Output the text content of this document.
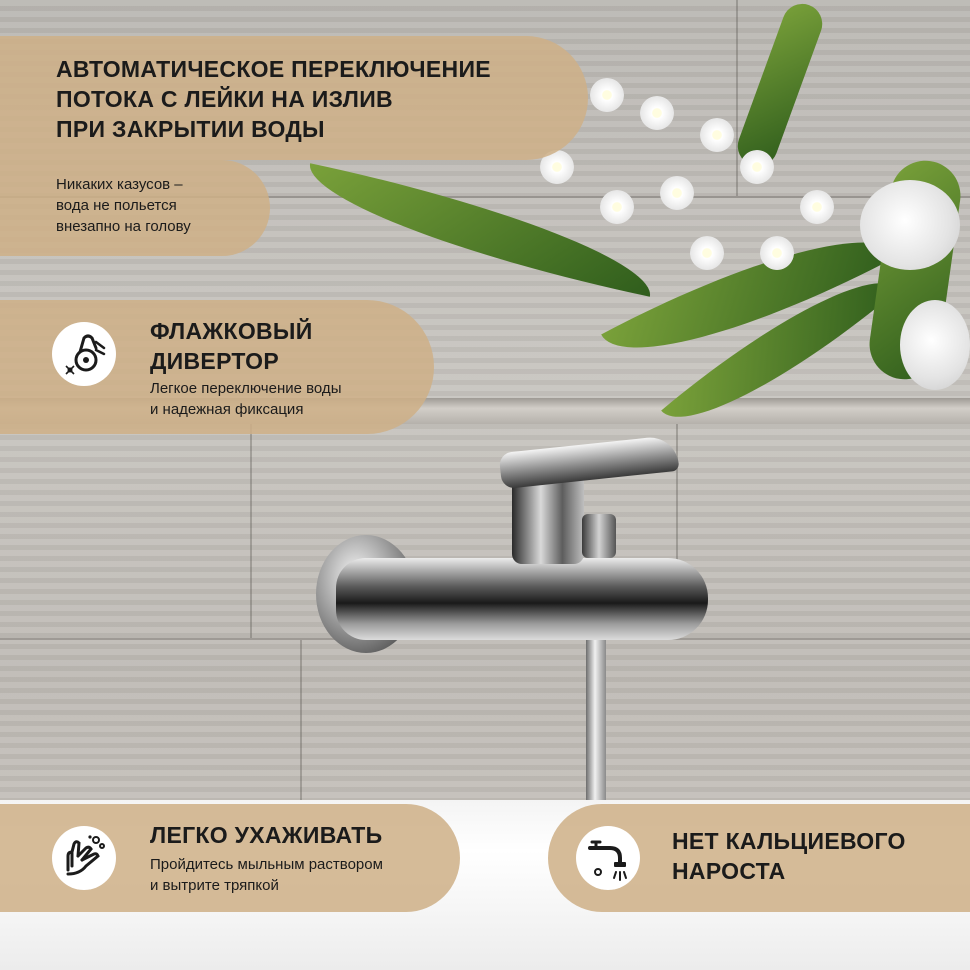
АВТОМАТИЧЕСКОЕ ПЕРЕКЛЮЧЕНИЕ

ПОТОКА С ЛЕЙКИ НА ИЗЛИВ

ПРИ ЗАКРЫТИИ ВОДЫ

Никаких казусов –

вода не польется

внезапно на голову

ФЛАЖКОВЫЙ

ДИВЕРТОР

Легкое переключение воды

и надежная фиксация

ЛЕГКО УХАЖИВАТЬ

Пройдитесь мыльным раствором

и вытрите тряпкой

НЕТ КАЛЬЦИЕВОГО

НАРОСТА
